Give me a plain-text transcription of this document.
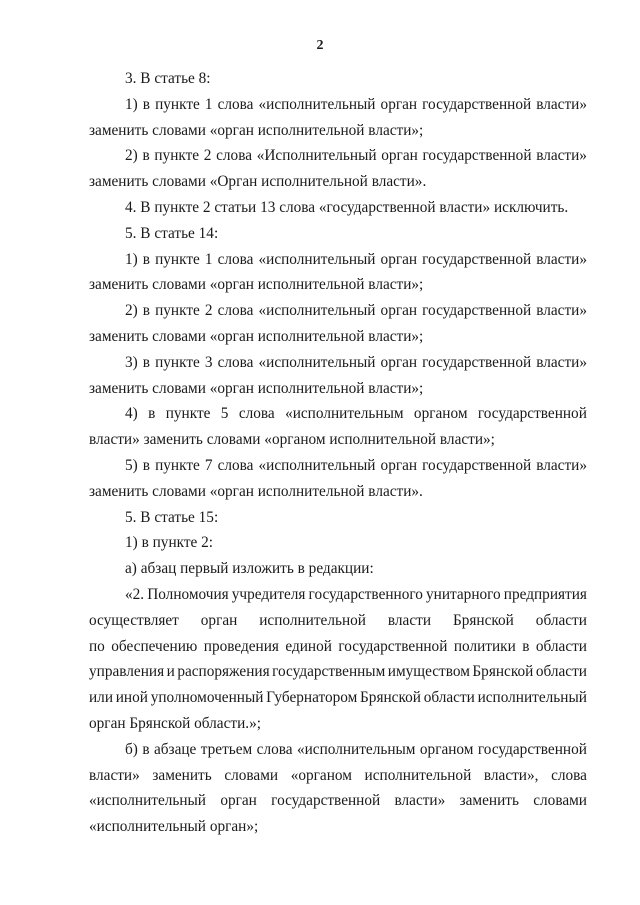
2
3. В статье 8:
1) в пункте 1 слова «исполнительный орган государственной власти»
заменить словами «орган исполнительной власти»;
2) в пункте 2 слова «Исполнительный орган государственной власти»
заменить словами «Орган исполнительной власти».
4. В пункте 2 статьи 13 слова «государственной власти» исключить.
5. В статье 14:
1) в пункте 1 слова «исполнительный орган государственной власти»
заменить словами «орган исполнительной власти»;
2) в пункте 2 слова «исполнительный орган государственной власти»
заменить словами «орган исполнительной власти»;
3) в пункте 3 слова «исполнительный орган государственной власти»
заменить словами «орган исполнительной власти»;
4) в пункте 5 слова «исполнительным органом государственной
власти» заменить словами «органом исполнительной власти»;
5) в пункте 7 слова «исполнительный орган государственной власти»
заменить словами «орган исполнительной власти».
5. В статье 15:
1) в пункте 2:
а) абзац первый изложить в редакции:
«2. Полномочия учредителя государственного унитарного предприятия
осуществляет орган исполнительной власти Брянской области
по обеспечению проведения единой государственной политики в области
управления и распоряжения государственным имуществом Брянской области
или иной уполномоченный Губернатором Брянской области исполнительный
орган Брянской области.»;
б) в абзаце третьем слова «исполнительным органом государственной
власти» заменить словами «органом исполнительной власти», слова
«исполнительный орган государственной власти» заменить словами
«исполнительный орган»;
